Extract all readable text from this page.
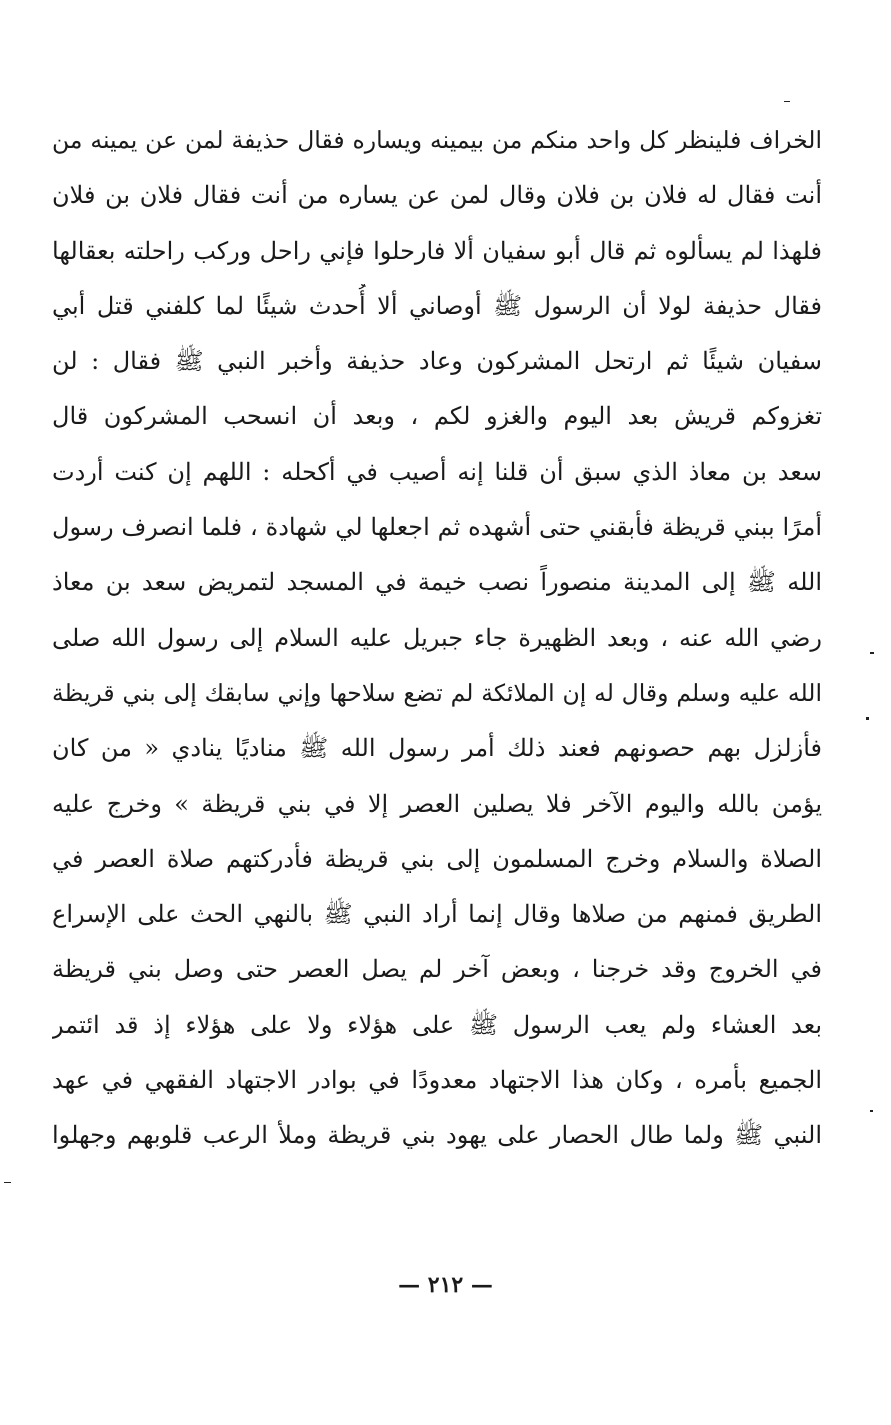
الخراف فلينظر كل واحد منكم من بيمينه ويساره فقال حذيفة لمن عن يمينه من
أنت فقال له فلان بن فلان وقال لمن عن يساره من أنت فقال فلان بن فلان
فلهذا لم يسألوه ثم قال أبو سفيان ألا فارحلوا فإني راحل وركب راحلته بعقالها
فقال حذيفة لولا أن الرسول ﷺ أوصاني ألا أُحدث شيئًا لما كلفني قتل أبي
سفيان شيئًا ثم ارتحل المشركون وعاد حذيفة وأخبر النبي ﷺ فقال : لن
تغزوكم قريش بعد اليوم والغزو لكم ، وبعد أن انسحب المشركون قال
سعد بن معاذ الذي سبق أن قلنا إنه أصيب في أكحله : اللهم إن كنت أردت
أمرًا ببني قريظة فأبقني حتى أشهده ثم اجعلها لي شهادة ، فلما انصرف رسول
الله ﷺ إلى المدينة منصوراً نصب خيمة في المسجد لتمريض سعد بن معاذ
رضي الله عنه ، وبعد الظهيرة جاء جبريل عليه السلام إلى رسول الله صلى
الله عليه وسلم وقال له إن الملائكة لم تضع سلاحها وإني سابقك إلى بني قريظة
فأزلزل بهم حصونهم فعند ذلك أمر رسول الله ﷺ مناديًا ينادي « من كان
يؤمن بالله واليوم الآخر فلا يصلين العصر إلا في بني قريظة » وخرج عليه
الصلاة والسلام وخرج المسلمون إلى بني قريظة فأدركتهم صلاة العصر في
الطريق فمنهم من صلاها وقال إنما أراد النبي ﷺ بالنهي الحث على الإسراع
في الخروج وقد خرجنا ، وبعض آخر لم يصل العصر حتى وصل بني قريظة
بعد العشاء ولم يعب الرسول ﷺ على هؤلاء ولا على هؤلاء إذ قد ائتمر
الجميع بأمره ، وكان هذا الاجتهاد معدودًا في بوادر الاجتهاد الفقهي في عهد
النبي ﷺ ولما طال الحصار على يهود بني قريظة وملأ الرعب قلوبهم وجهلوا
— ٢١٢ —
